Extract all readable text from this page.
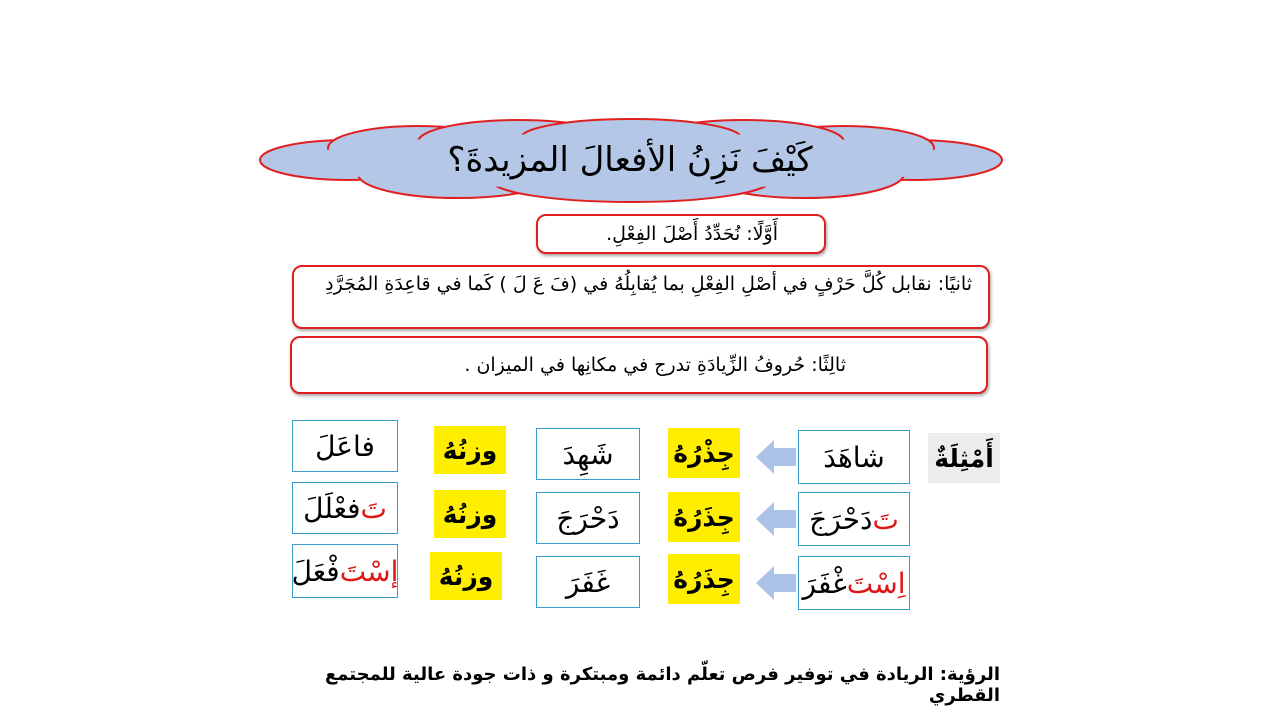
كَيْفَ نَزِنُ الأفعالَ المزيدةَ؟
أَوَّلًا: نُحَدِّدُ أَصْلَ الفِعْلِ.
ثانيًا: نقابل كُلَّ حَرْفٍ في أصْلِ الفِعْلِ بما يُقابِلُهُ في (فَ عَ لَ ) كَما في قاعِدَةِ المُجَرَّدِ
ثالِثًا: حُروفُ الزِّيادَةِ تدرج في مكانِها في الميزان .
أَمْثِلَةٌ
شا
هَدَ
جِذْرُهُ
شَهِدَ
وزنُهُ
فا
عَلَ
تَ
دَحْرَجَ
جِذَرُهُ
دَحْرَجَ
وزنُهُ
تَ
فعْلَلَ
اِسْتَ
غْفَرَ
جِذَرُهُ
غَفَرَ
وزنُهُ
إسْتَ
فْعَلَ
الرؤية: الريادة في توفير فرص تعلّم دائمة ومبتكرة و ذات جودة عالية للمجتمع القطري
